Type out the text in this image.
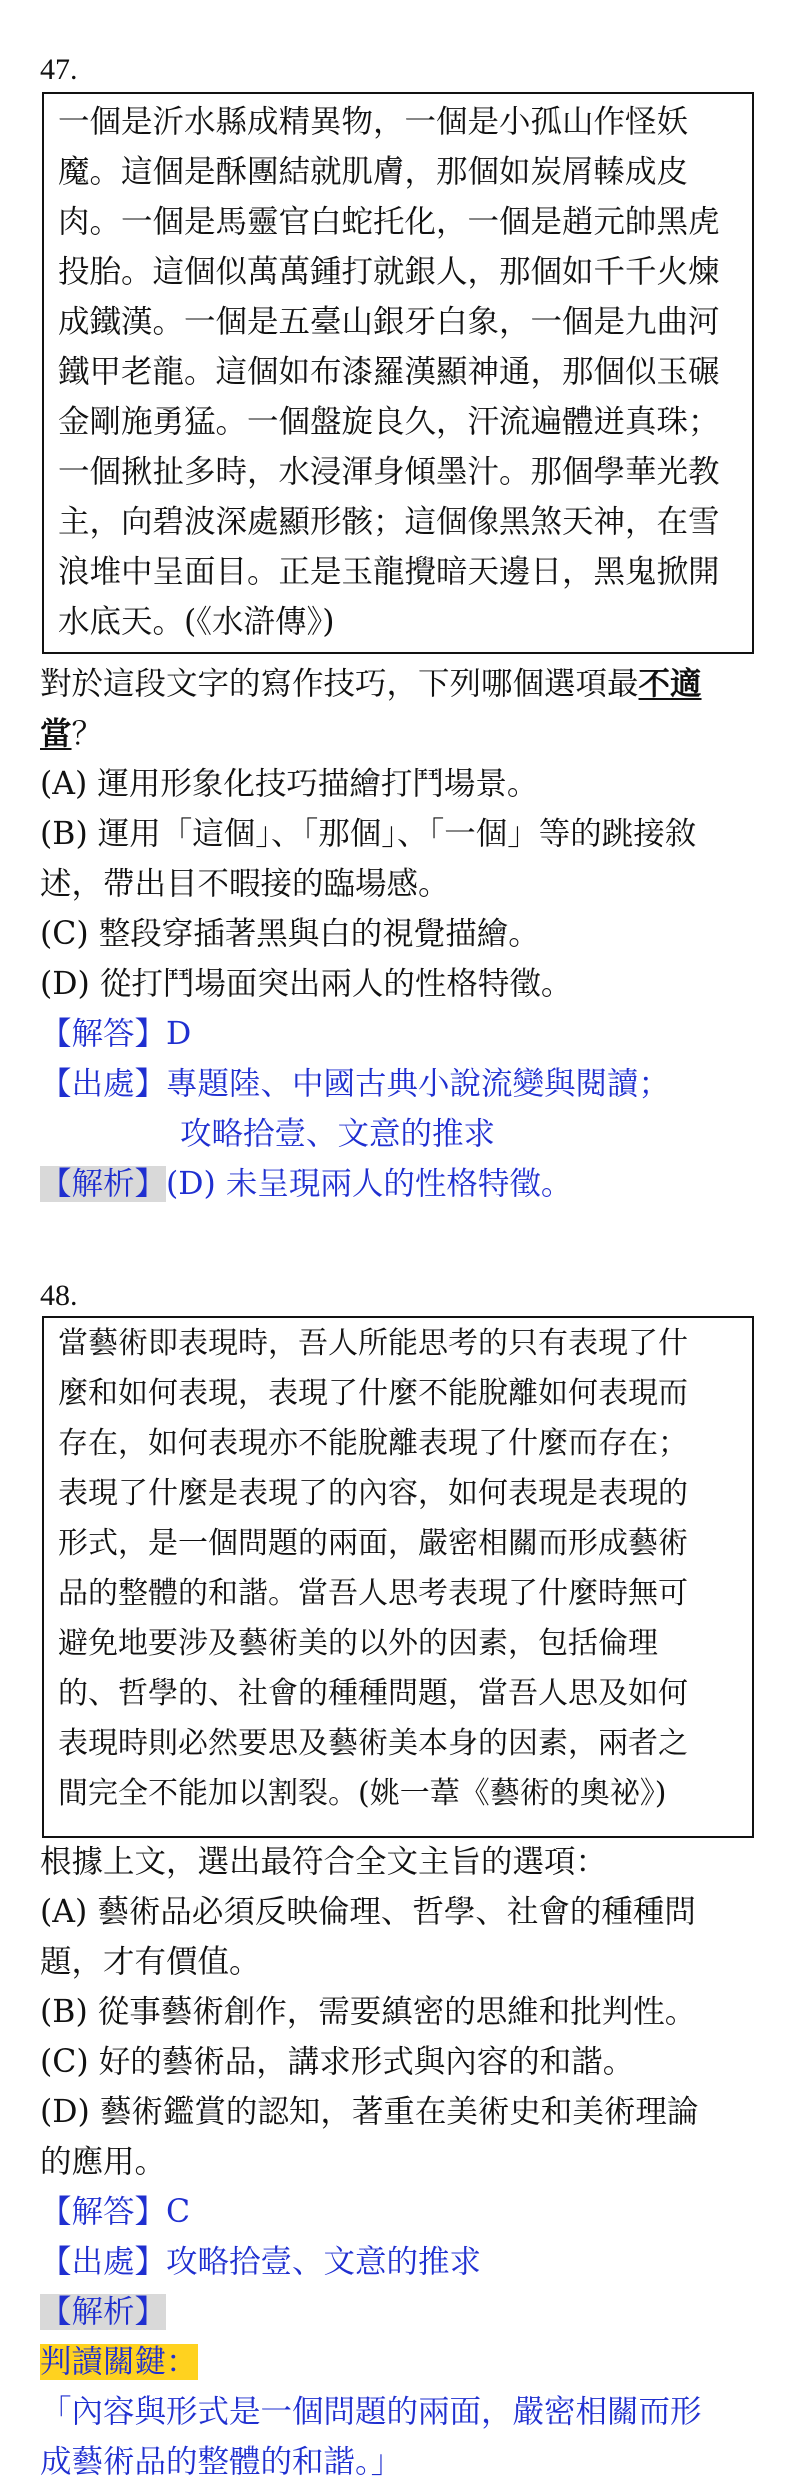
47.
一個是沂水縣成精異物，一個是小孤山作怪妖
魔。這個是酥團結就肌膚，那個如炭屑轃成皮
肉。一個是馬靈官白蛇托化，一個是趙元帥黑虎
投胎。這個似萬萬鍾打就銀人，那個如千千火煉
成鐵漢。一個是五臺山銀牙白象，一個是九曲河
鐵甲老龍。這個如布漆羅漢顯神通，那個似玉碾
金剛施勇猛。一個盤旋良久，汗流遍體迸真珠；
一個揪扯多時，水浸渾身傾墨汁。那個學華光教
主，向碧波深處顯形骸；這個像黑煞天神，在雪
浪堆中呈面目。正是玉龍攪暗天邊日，黑鬼掀開
水底天。(《水滸傳》)
對於這段文字的寫作技巧，下列哪個選項最不適
當？
(A) 運用形象化技巧描繪打鬥場景。
(B) 運用「這個」、「那個」、「一個」等的跳接敘
述，帶出目不暇接的臨場感。
(C) 整段穿插著黑與白的視覺描繪。
(D) 從打鬥場面突出兩人的性格特徵。
【解答】D
【出處】專題陸、中國古典小說流變與閱讀；
攻略拾壹、文意的推求
【解析】(D) 未呈現兩人的性格特徵。
48.
當藝術即表現時，吾人所能思考的只有表現了什
麼和如何表現，表現了什麼不能脫離如何表現而
存在，如何表現亦不能脫離表現了什麼而存在；
表現了什麼是表現了的內容，如何表現是表現的
形式，是一個問題的兩面，嚴密相關而形成藝術
品的整體的和諧。當吾人思考表現了什麼時無可
避免地要涉及藝術美的以外的因素，包括倫理
的、哲學的、社會的種種問題，當吾人思及如何
表現時則必然要思及藝術美本身的因素，兩者之
間完全不能加以割裂。(姚一葦《藝術的奧祕》)
根據上文，選出最符合全文主旨的選項：
(A) 藝術品必須反映倫理、哲學、社會的種種問
題，才有價值。
(B) 從事藝術創作，需要縝密的思維和批判性。
(C) 好的藝術品，講求形式與內容的和諧。
(D) 藝術鑑賞的認知，著重在美術史和美術理論
的應用。
【解答】C
【出處】攻略拾壹、文意的推求
【解析】
判讀關鍵：
「內容與形式是一個問題的兩面，嚴密相關而形
成藝術品的整體的和諧。」
